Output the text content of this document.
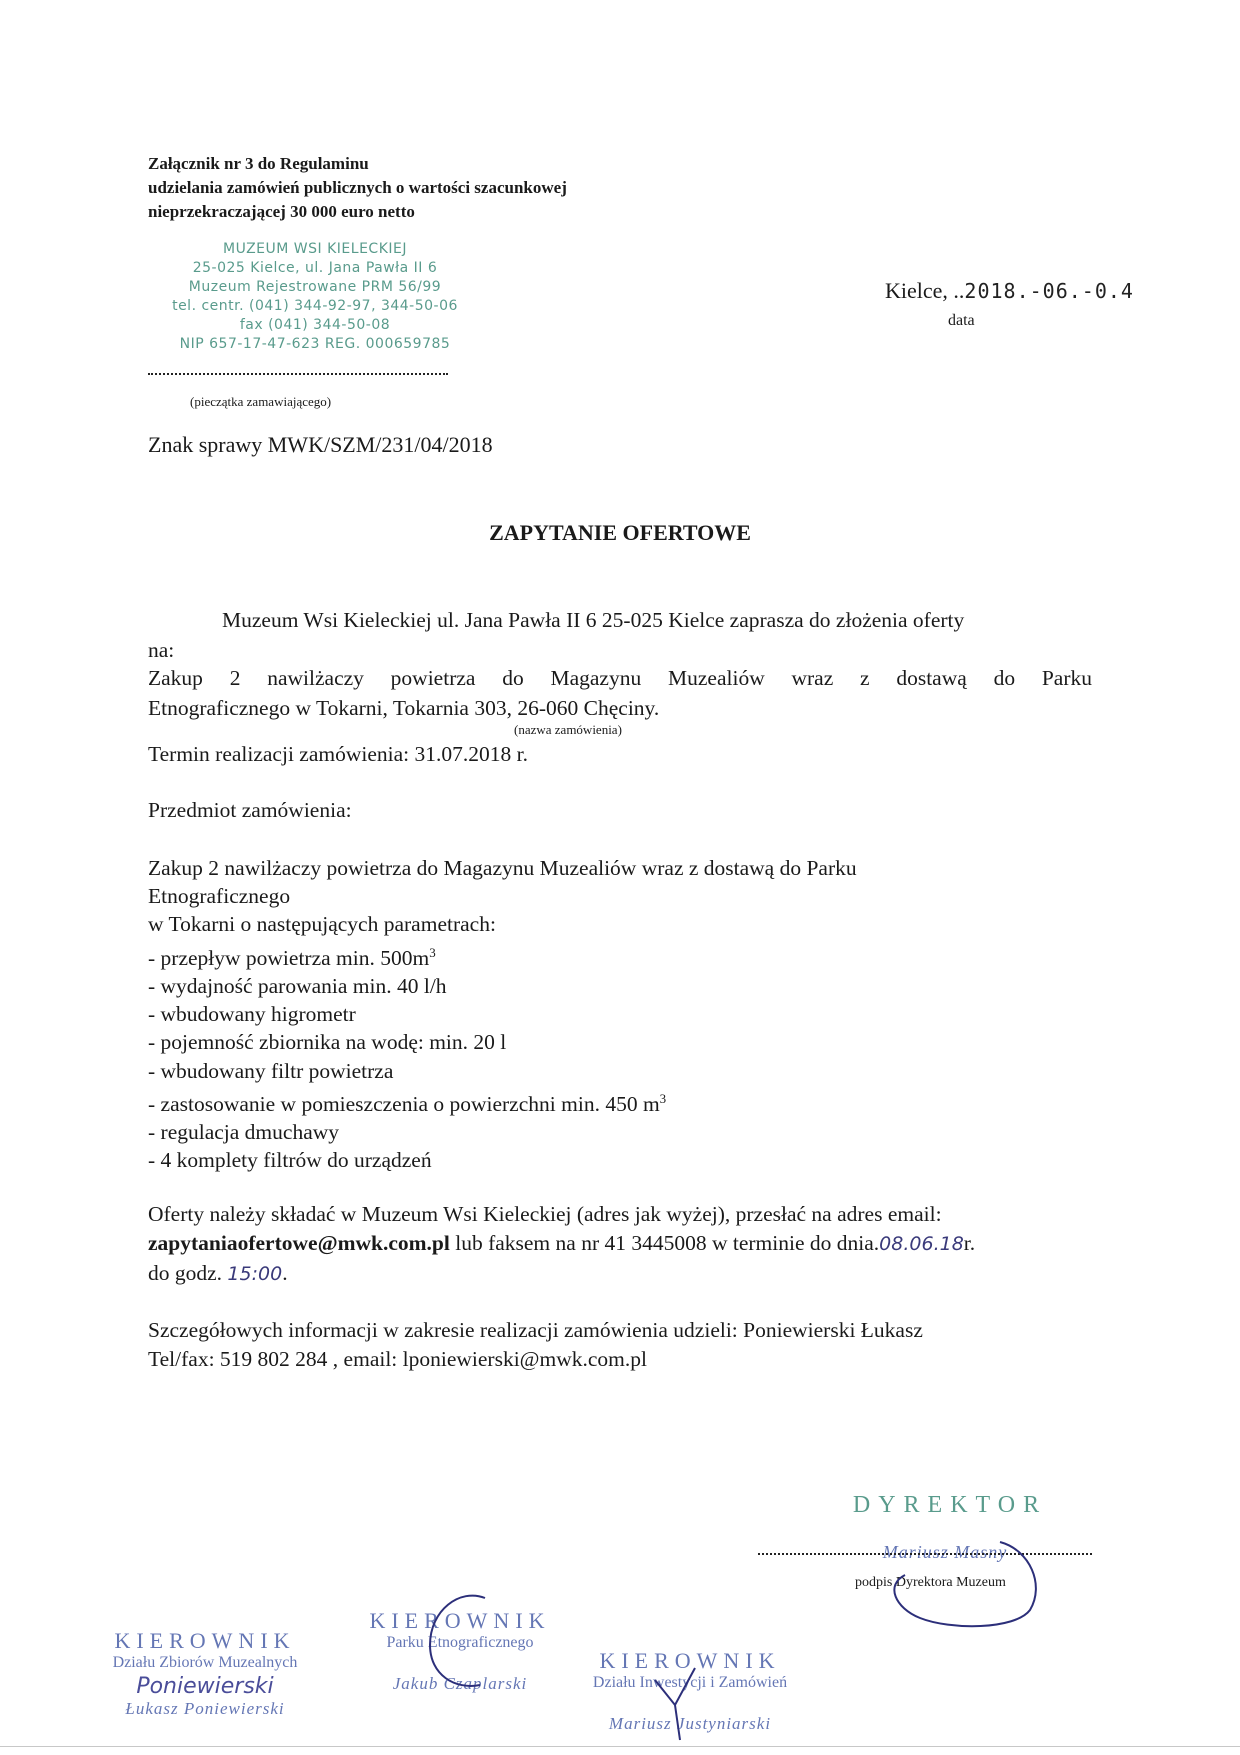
Załącznik nr 3 do Regulaminu
udzielania zamówień publicznych o wartości szacunkowej
nieprzekraczającej 30 000 euro netto
MUZEUM WSI KIELECKIEJ
25-025 Kielce, ul. Jana Pawła II 6
Muzeum Rejestrowane PRM 56/99
tel. centr. (041) 344-92-97, 344-50-06
fax (041) 344-50-08
NIP 657-17-47-623 REG. 000659785
(pieczątka zamawiającego)
Kielce, ..2018.-06.-0.4
data
Znak sprawy MWK/SZM/231/04/2018
ZAPYTANIE OFERTOWE
Muzeum Wsi Kieleckiej ul. Jana Pawła II 6 25-025 Kielce zaprasza do złożenia oferty
na:
Zakup 2 nawilżaczy powietrza do Magazynu Muzealiów wraz z dostawą do Parku
Etnograficznego w Tokarni, Tokarnia 303, 26-060 Chęciny.
(nazwa zamówienia)
Termin realizacji zamówienia: 31.07.2018 r.
Przedmiot zamówienia:
Zakup 2 nawilżaczy powietrza do Magazynu Muzealiów wraz z dostawą do Parku
Etnograficznego
w Tokarni o następujących parametrach:
- przepływ powietrza min. $500m^3$
- wydajność parowania min. 40 l/h
- wbudowany higrometr
- pojemność zbiornika na wodę: min. 20 l
- wbudowany filtr powietrza
- zastosowanie w pomieszczenia o powierzchni min. 450 $m^3$
- regulacja dmuchawy
- 4 komplety filtrów do urządzeń
Oferty należy składać w Muzeum Wsi Kieleckiej (adres jak wyżej), przesłać na adres email:
zapytaniaofertowe@mwk.com.pl lub faksem na nr 41 3445008 w terminie do dnia.08.06.18r.
do godz. 15:00.
Szczegółowych informacji w zakresie realizacji zamówienia udzieli: Poniewierski Łukasz
Tel/fax: 519 802 284 , email: lponiewierski@mwk.com.pl
DYREKTOR
Mariusz Masny
podpis Dyrektora Muzeum
KIEROWNIK
Działu Zbiorów Muzealnych
Poniewierski
Łukasz Poniewierski
KIEROWNIK
Parku Etnograficznego
Jakub Czaplarski
KIEROWNIK
Działu Inwestycji i Zamówień
Mariusz Justyniarski
